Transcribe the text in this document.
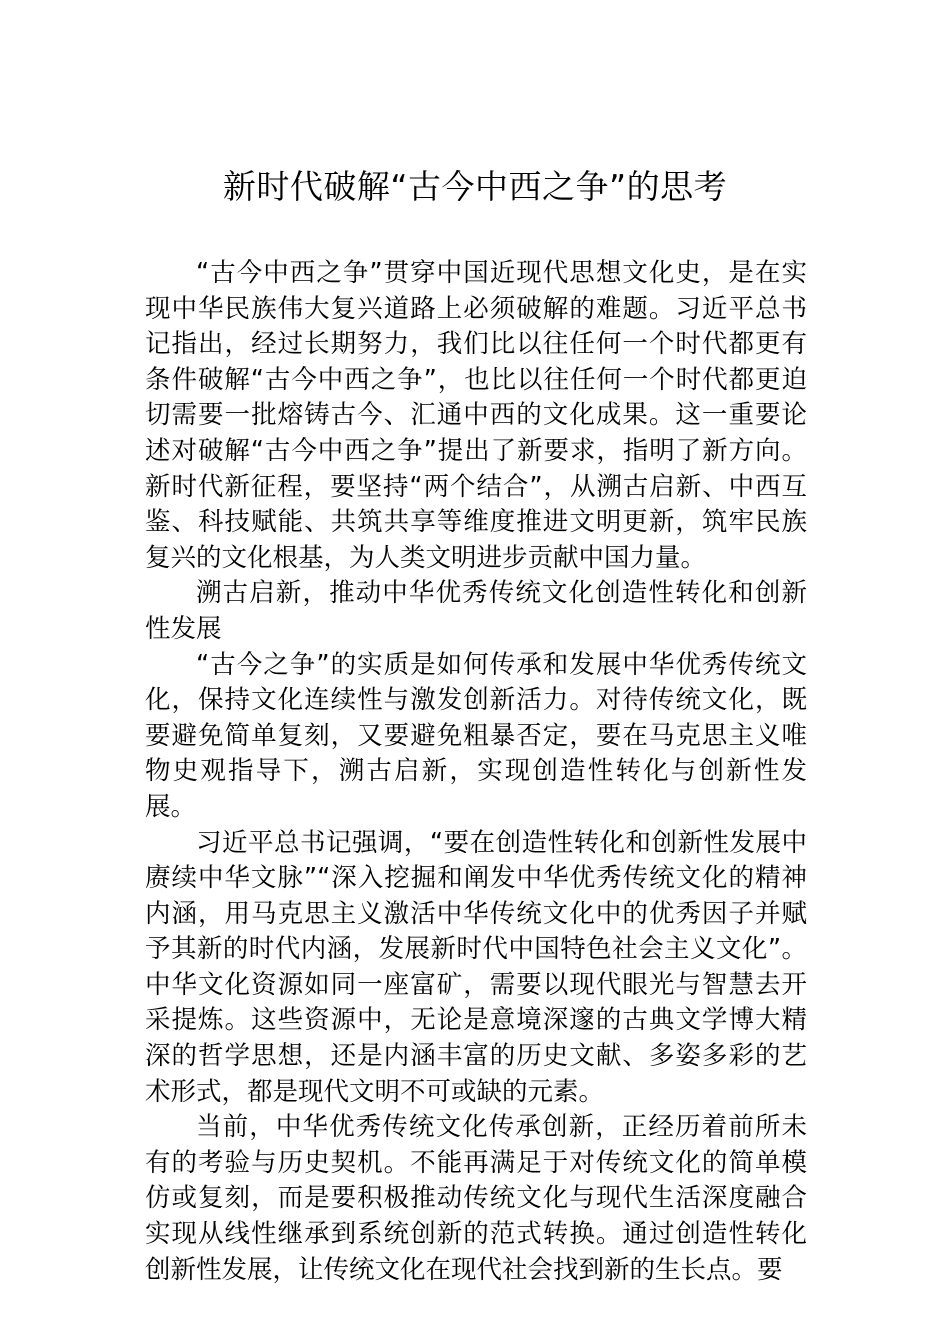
新时代破解“古今中西之争”的思考

“古今中西之争”贯穿中国近现代思想文化史，是在实现中华民族伟大复兴道路上必须破解的难题。习近平总书记指出，经过长期努力，我们比以往任何一个时代都更有条件破解“古今中西之争”，也比以往任何一个时代都更迫切需要一批熔铸古今、汇通中西的文化成果。这一重要论述对破解“古今中西之争”提出了新要求，指明了新方向。新时代新征程，要坚持“两个结合”，从溯古启新、中西互鉴、科技赋能、共筑共享等维度推进文明更新，筑牢民族复兴的文化根基，为人类文明进步贡献中国力量。

溯古启新，推动中华优秀传统文化创造性转化和创新性发展

“古今之争”的实质是如何传承和发展中华优秀传统文化，保持文化连续性与激发创新活力。对待传统文化，既要避免简单复刻，又要避免粗暴否定，要在马克思主义唯物史观指导下，溯古启新，实现创造性转化与创新性发展。

习近平总书记强调，“要在创造性转化和创新性发展中赓续中华文脉”“深入挖掘和阐发中华优秀传统文化的精神内涵，用马克思主义激活中华传统文化中的优秀因子并赋予其新的时代内涵，发展新时代中国特色社会主义文化”。中华文化资源如同一座富矿，需要以现代眼光与智慧去开采提炼。这些资源中，无论是意境深邃的古典文学博大精深的哲学思想，还是内涵丰富的历史文献、多姿多彩的艺术形式，都是现代文明不可或缺的元素。

当前，中华优秀传统文化传承创新，正经历着前所未有的考验与历史契机。不能再满足于对传统文化的简单模仿或复刻，而是要积极推动传统文化与现代生活深度融合实现从线性继承到系统创新的范式转换。通过创造性转化创新性发展，让传统文化在现代社会找到新的生长点。要
